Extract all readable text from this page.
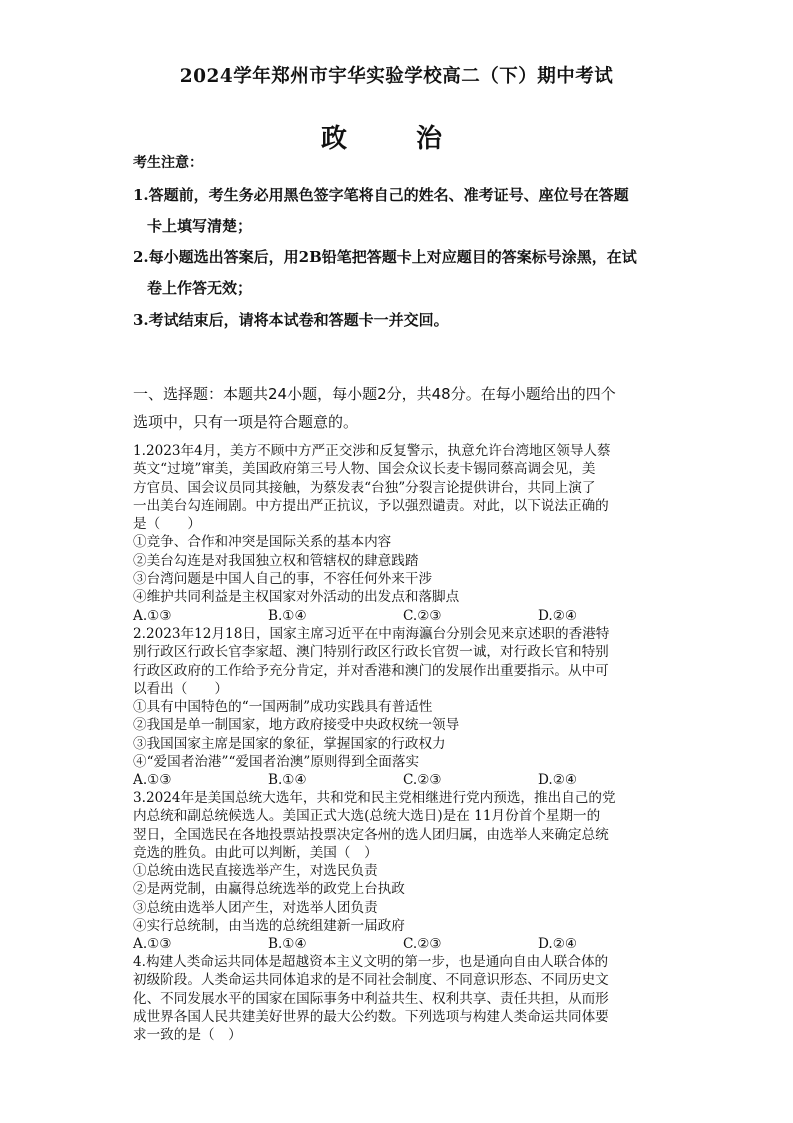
2024学年郑州市宇华实验学校高二（下）期中考试
政 治
考生注意：
1.答题前，考生务必用黑色签字笔将自己的姓名、准考证号、座位号在答题
卡上填写清楚；
2.每小题选出答案后，用2B铅笔把答题卡上对应题目的答案标号涂黑，在试
卷上作答无效；
3.考试结束后，请将本试卷和答题卡一并交回。
一、选择题：本题共24小题，每小题2分，共48分。在每小题给出的四个
选项中，只有一项是符合题意的。
1.2023年4月，美方不顾中方严正交涉和反复警示，执意允许台湾地区领导人蔡
英文“过境”窜美，美国政府第三号人物、国会众议长麦卡锡同蔡高调会见，美
方官员、国会议员同其接触，为蔡发表“台独”分裂言论提供讲台，共同上演了
一出美台勾连闹剧。中方提出严正抗议，予以强烈谴责。对此，以下说法正确的
是（　　）
①竞争、合作和冲突是国际关系的基本内容
②美台勾连是对我国独立权和管辖权的肆意践踏
③台湾问题是中国人自己的事，不容任何外来干涉
④维护共同利益是主权国家对外活动的出发点和落脚点
A.①③	B.①④	C.②③	D.②④
2.2023年12月18日，国家主席习近平在中南海瀛台分别会见来京述职的香港特
别行政区行政长官李家超、澳门特别行政区行政长官贺一诚，对行政长官和特别
行政区政府的工作给予充分肯定，并对香港和澳门的发展作出重要指示。从中可
以看出（　　）
①具有中国特色的“一国两制”成功实践具有普适性
②我国是单一制国家，地方政府接受中央政权统一领导
③我国国家主席是国家的象征，掌握国家的行政权力
④“爱国者治港”“爱国者治澳”原则得到全面落实
A.①③	B.①④	C.②③	D.②④
3.2024年是美国总统大选年，共和党和民主党相继进行党内预选，推出自己的党
内总统和副总统候选人。美国正式大选(总统大选日)是在 11月份首个星期一的
翌日，全国选民在各地投票站投票决定各州的选人团归属，由选举人来确定总统
竞选的胜负。由此可以判断，美国（　）
①总统由选民直接选举产生，对选民负责
②是两党制，由赢得总统选举的政党上台执政
③总统由选举人团产生，对选举人团负责
④实行总统制，由当选的总统组建新一届政府
A.①③	B.①④	C.②③	D.②④
4.构建人类命运共同体是超越资本主义文明的第一步，也是通向自由人联合体的
初级阶段。人类命运共同体追求的是不同社会制度、不同意识形态、不同历史文
化、不同发展水平的国家在国际事务中利益共生、权利共享、责任共担，从而形
成世界各国人民共建美好世界的最大公约数。下列选项与构建人类命运共同体要
求一致的是（　）
